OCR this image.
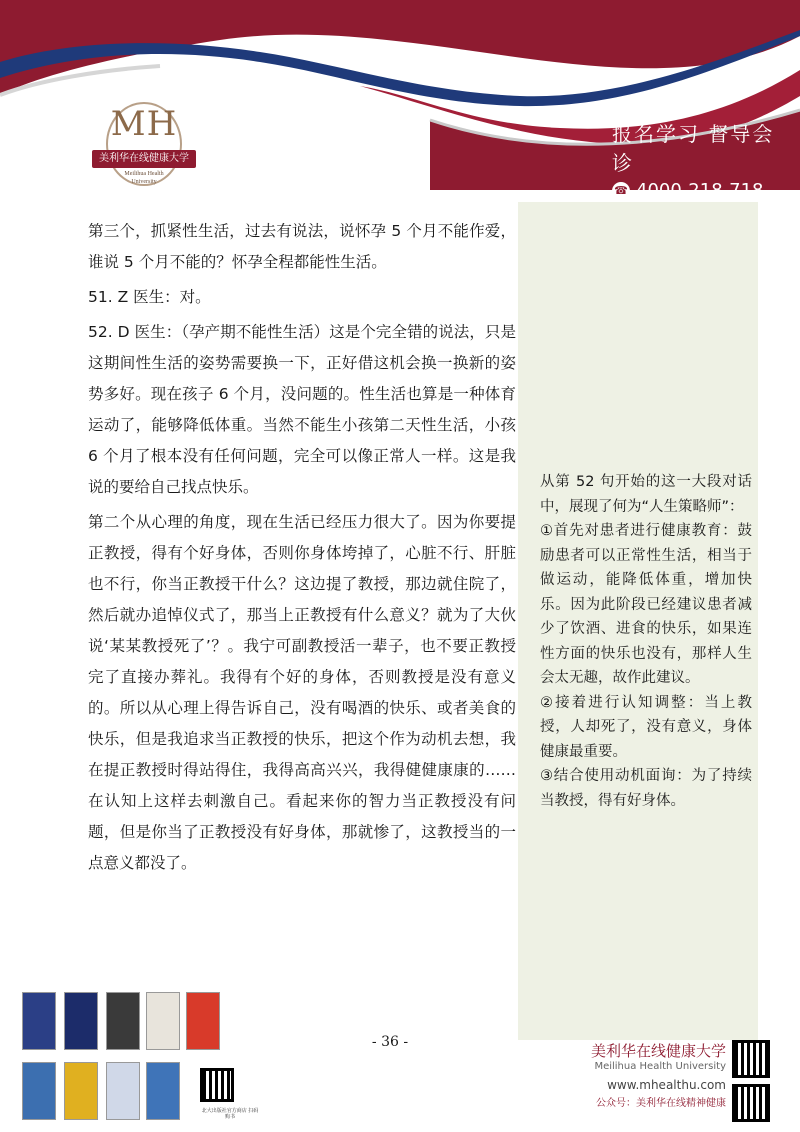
MH
美利华在线健康大学
Meilihua Health University
报名学习 督导会诊
☎ 4000-218-718

第三个，抓紧性生活，过去有说法，说怀孕 5 个月不能作爱，谁说 5 个月不能的？怀孕全程都能性生活。

51. Z 医生：对。

52. D 医生：（孕产期不能性生活）这是个完全错的说法，只是这期间性生活的姿势需要换一下，正好借这机会换一换新的姿势多好。现在孩子 6 个月，没问题的。性生活也算是一种体育运动了，能够降低体重。当然不能生小孩第二天性生活，小孩 6 个月了根本没有任何问题，完全可以像正常人一样。这是我说的要给自己找点快乐。

第二个从心理的角度，现在生活已经压力很大了。因为你要提正教授，得有个好身体，否则你身体垮掉了，心脏不行、肝脏也不行，你当正教授干什么？这边提了教授，那边就住院了，然后就办追悼仪式了，那当上正教授有什么意义？就为了大伙说‘某某教授死了’？。我宁可副教授活一辈子，也不要正教授完了直接办葬礼。我得有个好的身体，否则教授是没有意义的。所以从心理上得告诉自己，没有喝酒的快乐、或者美食的快乐，但是我追求当正教授的快乐，把这个作为动机去想，我在提正教授时得站得住，我得高高兴兴，我得健健康康的……在认知上这样去刺激自己。看起来你的智力当正教授没有问题，但是你当了正教授没有好身体，那就惨了，这教授当的一点意义都没了。

从第 52 句开始的这一大段对话中，展现了何为“人生策略师”：

①首先对患者进行健康教育：鼓励患者可以正常性生活，相当于做运动，能降低体重，增加快乐。因为此阶段已经建议患者减少了饮酒、进食的快乐，如果连性方面的快乐也没有，那样人生会太无趣，故作此建议。

②接着进行认知调整：当上教授，人却死了，没有意义，身体健康最重要。

③结合使用动机面询：为了持续当教授，得有好身体。

- 36 -
北大出版社官方商店 扫码购书
美利华在线健康大学
Meilihua Health University
www.mhealthu.com
公众号：美利华在线精神健康
